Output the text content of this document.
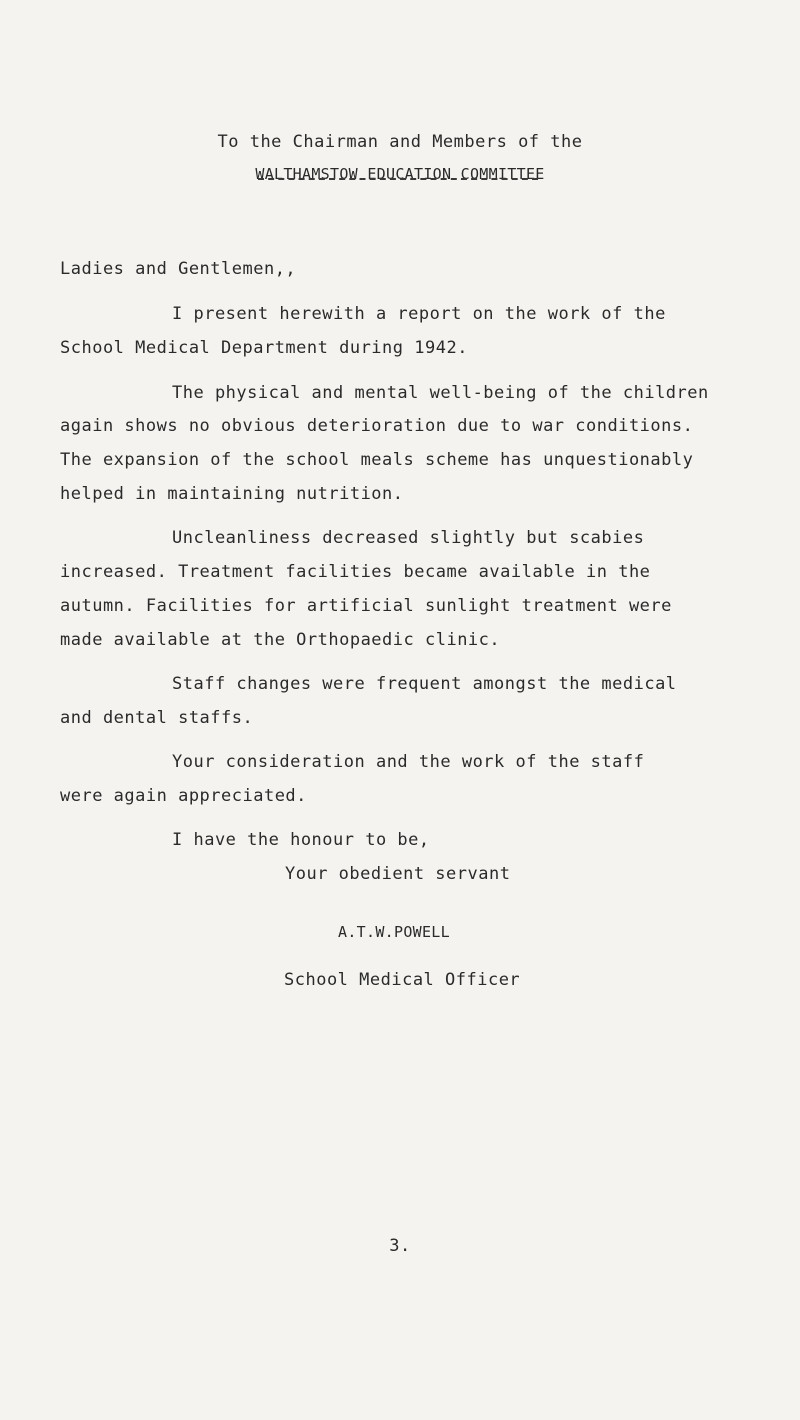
To the Chairman and Members of the
WALTHAMSTOW EDUCATION COMMITTEE
Ladies and Gentlemen,,
I present herewith a report on the work of the
School Medical Department during 1942.
The physical and mental well-being of the children
again shows no obvious deterioration due to war conditions.
The expansion of the school meals scheme has unquestionably
helped in maintaining nutrition.
Uncleanliness decreased slightly but scabies
increased. Treatment facilities became available in the
autumn. Facilities for artificial sunlight treatment were
made available at the Orthopaedic clinic.
Staff changes were frequent amongst the medical
and dental staffs.
Your consideration and the work of the staff
were again appreciated.
I have the honour to be,
Your obedient servant
A.T.W.POWELL
School Medical Officer
3.
